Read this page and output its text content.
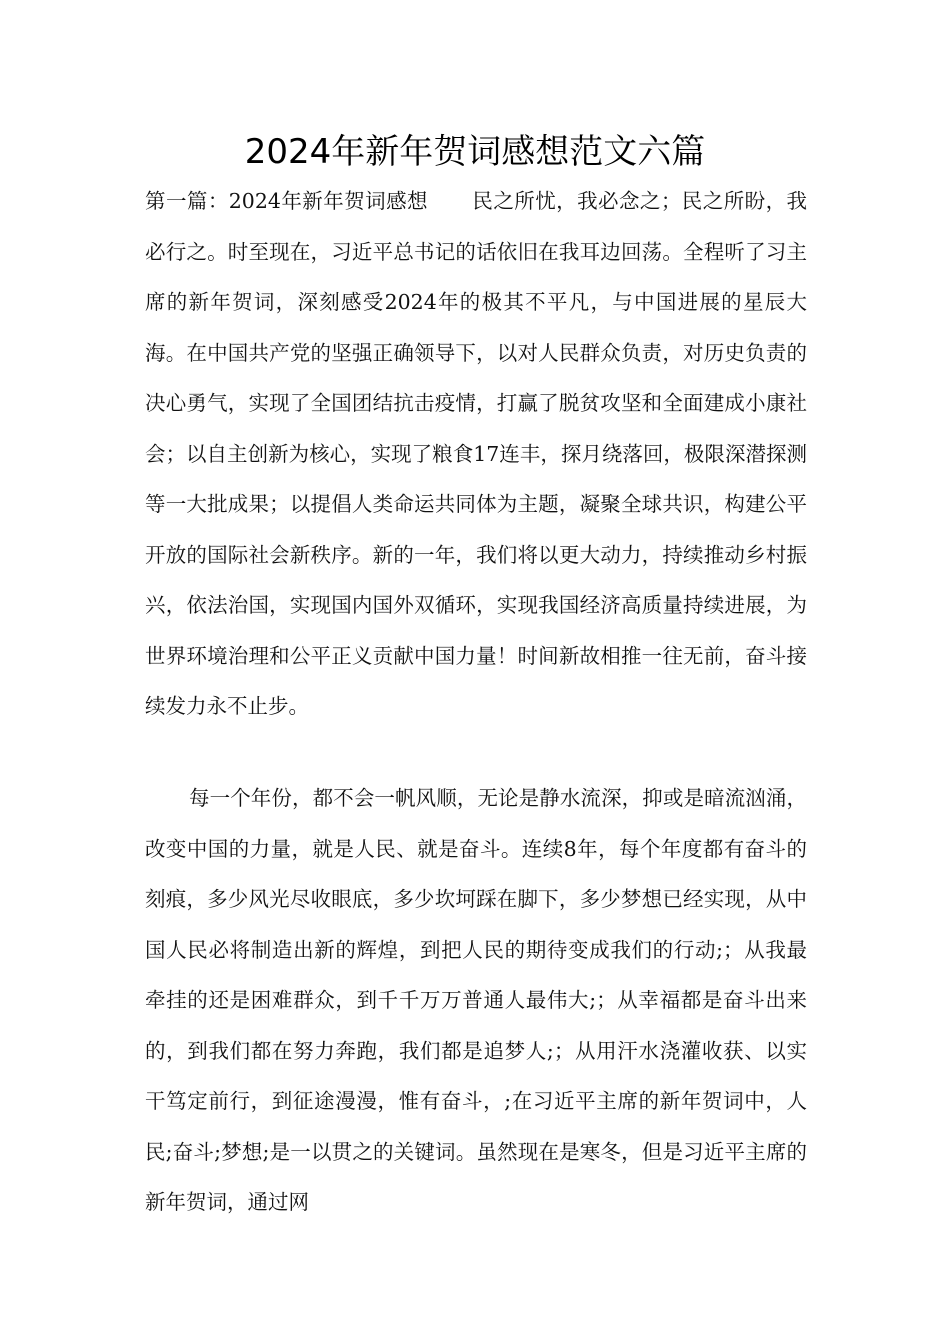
2024年新年贺词感想范文六篇
第一篇：2024年新年贺词感想 民之所忧，我必念之；民之所盼，我必行之。时至现在，习近平总书记的话依旧在我耳边回荡。全程听了习主席的新年贺词，深刻感受2024年的极其不平凡，与中国进展的星辰大海。在中国共产党的坚强正确领导下，以对人民群众负责，对历史负责的决心勇气，实现了全国团结抗击疫情，打赢了脱贫攻坚和全面建成小康社会；以自主创新为核心，实现了粮食17连丰，探月绕落回，极限深潜探测等一大批成果；以提倡人类命运共同体为主题，凝聚全球共识，构建公平开放的国际社会新秩序。新的一年，我们将以更大动力，持续推动乡村振兴，依法治国，实现国内国外双循环，实现我国经济高质量持续进展，为世界环境治理和公平正义贡献中国力量！时间新故相推一往无前，奋斗接续发力永不止步。
每一个年份，都不会一帆风顺，无论是静水流深，抑或是暗流汹涌，改变中国的力量，就是人民、就是奋斗。连续8年，每个年度都有奋斗的刻痕，多少风光尽收眼底，多少坎坷踩在脚下，多少梦想已经实现，从中国人民必将制造出新的辉煌，到把人民的期待变成我们的行动;；从我最牵挂的还是困难群众，到千千万万普通人最伟大;；从幸福都是奋斗出来的，到我们都在努力奔跑，我们都是追梦人;；从用汗水浇灌收获、以实干笃定前行，到征途漫漫，惟有奋斗，;在习近平主席的新年贺词中，人民;奋斗;梦想;是一以贯之的关键词。虽然现在是寒冬，但是习近平主席的新年贺词，通过网
